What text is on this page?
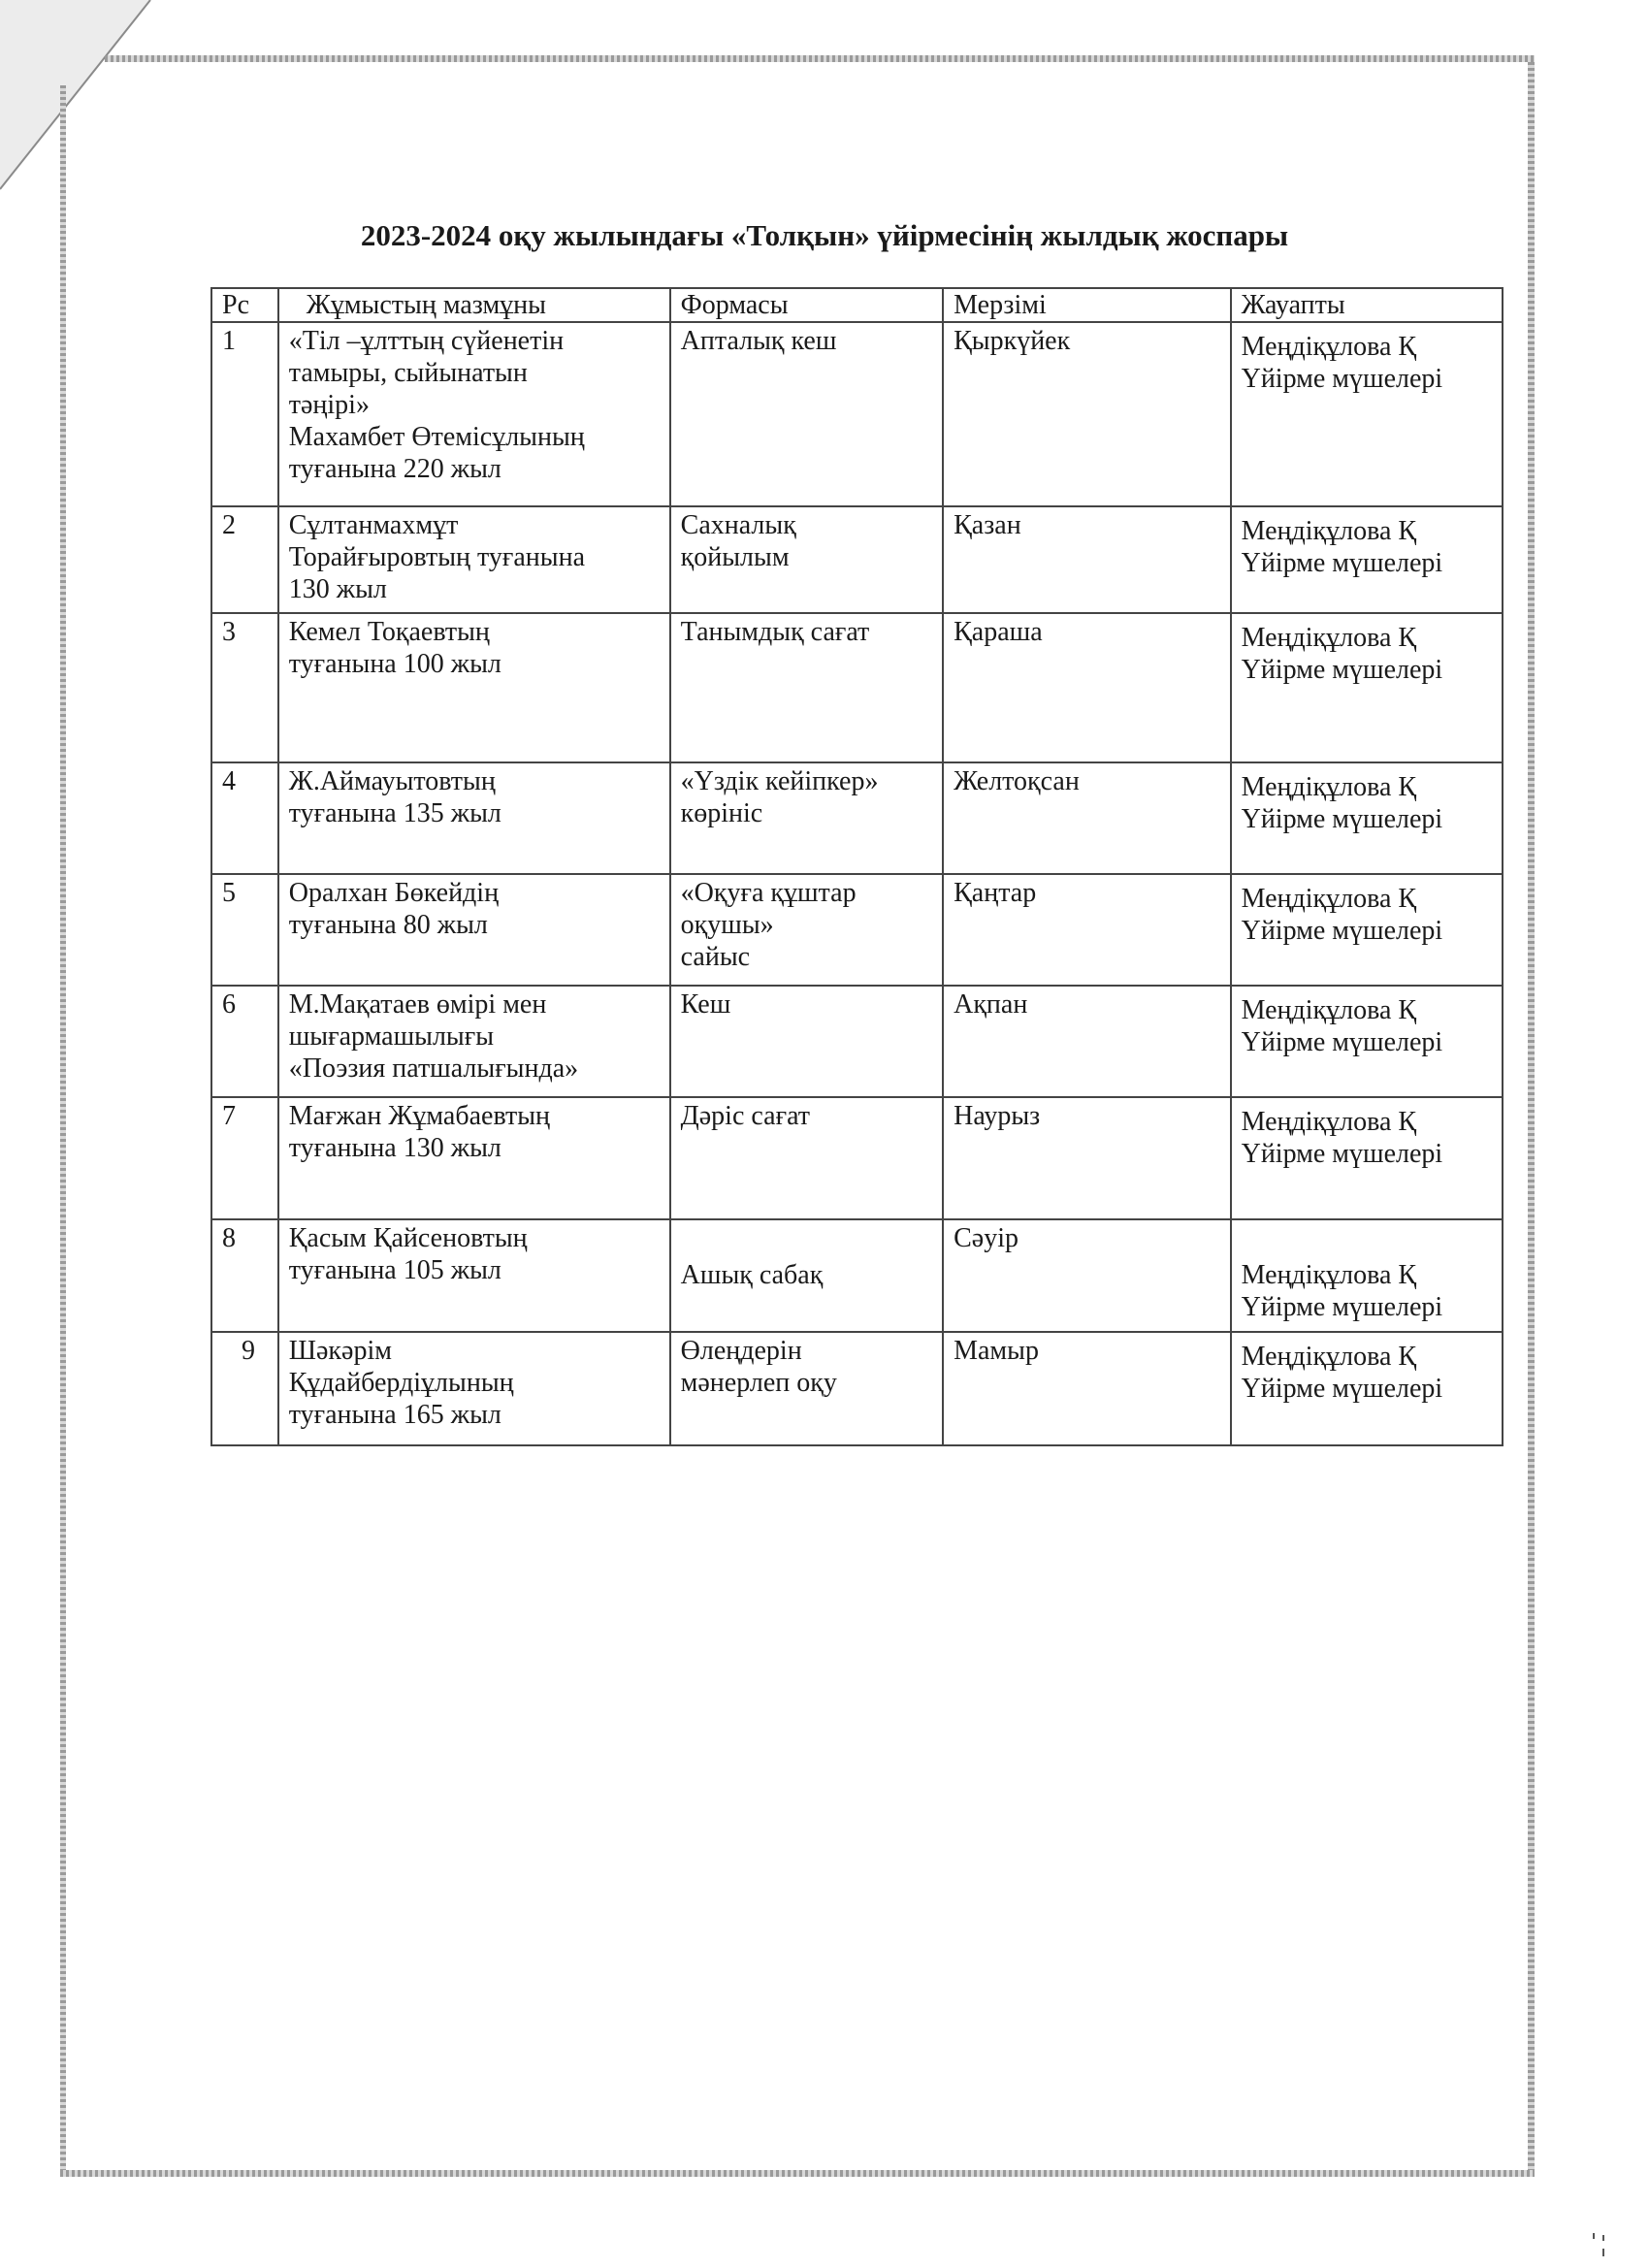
2023-2024 оқу жылындағы «Толқын» үйірмесінің жылдық жоспары
Рс	Жұмыстың мазмұны	Формасы	Мерзімі	Жауапты
1	«Тіл –ұлттың сүйенетін
тамыры, сыйынатын
тәңірі»
Махамбет Өтемісұлының
туғанына 220 жыл	Апталық кеш	Қыркүйек	Меңдіқұлова Қ
Үйірме мүшелері

2	Сұлтанмахмұт
Торайғыровтың туғанына
130 жыл	Сахналық
қойылым	Қазан	Меңдіқұлова Қ
Үйірме мүшелері

3	Кемел Тоқаевтың
туғанына 100 жыл	Танымдық сағат	Қараша	Меңдіқұлова Қ
Үйірме мүшелері

4	Ж.Аймауытовтың
туғанына 135 жыл	«Үздік кейіпкер»
көрініс	Желтоқсан	Меңдіқұлова Қ
Үйірме мүшелері

5	Оралхан Бөкейдің
туғанына 80 жыл	«Оқуға құштар
оқушы»
сайыс	Қаңтар	Меңдіқұлова Қ
Үйірме мүшелері

6	М.Мақатаев өмірі мен
шығармашылығы
«Поэзия патшалығында»	Кеш	Ақпан	Меңдіқұлова Қ
Үйірме мүшелері

7	Мағжан Жұмабаевтың
туғанына 130 жыл	Дәріс сағат	Наурыз	Меңдіқұлова Қ
Үйірме мүшелері

8	Қасым Қайсеновтың
туғанына 105 жыл	Ашық сабақ	Сәуір	Меңдіқұлова Қ
Үйірме мүшелері

9	Шәкәрім
Құдайбердіұлының
туғанына 165 жыл	Өлеңдерін
мәнерлеп оқу	Мамыр	Меңдіқұлова Қ
Үйірме мүшелері
